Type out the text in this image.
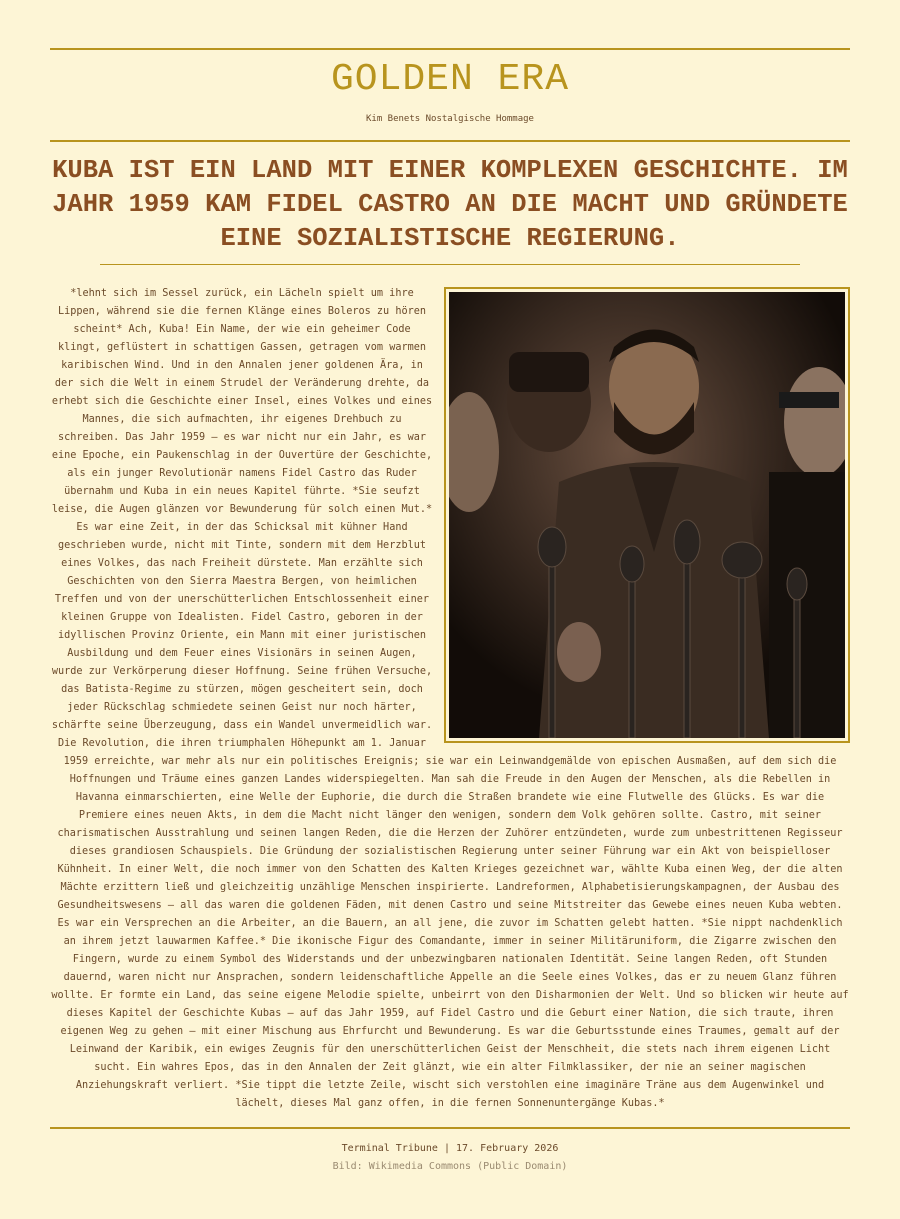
GOLDEN ERA
Kim Benets Nostalgische Hommage
KUBA IST EIN LAND MIT EINER KOMPLEXEN GESCHICHTE. IM JAHR 1959 KAM FIDEL CASTRO AN DIE MACHT UND GRÜNDETE EINE SOZIALISTISCHE REGIERUNG.
*lehnt sich im Sessel zurück, ein Lächeln spielt um ihre Lippen, während sie die fernen Klänge eines Boleros zu hören scheint* Ach, Kuba! Ein Name, der wie ein geheimer Code klingt, geflüstert in schattigen Gassen, getragen vom warmen karibischen Wind. Und in den Annalen jener goldenen Ära, in der sich die Welt in einem Strudel der Veränderung drehte, da erhebt sich die Geschichte einer Insel, eines Volkes und eines Mannes, die sich aufmachten, ihr eigenes Drehbuch zu schreiben. Das Jahr 1959 – es war nicht nur ein Jahr, es war eine Epoche, ein Paukenschlag in der Ouvertüre der Geschichte, als ein junger Revolutionär namens Fidel Castro das Ruder übernahm und Kuba in ein neues Kapitel führte. *Sie seufzt leise, die Augen glänzen vor Bewunderung für solch einen Mut.* Es war eine Zeit, in der das Schicksal mit kühner Hand geschrieben wurde, nicht mit Tinte, sondern mit dem Herzblut eines Volkes, das nach Freiheit dürstete. Man erzählte sich Geschichten von den Sierra Maestra Bergen, von heimlichen Treffen und von der unerschütterlichen Entschlossenheit einer kleinen Gruppe von Idealisten. Fidel Castro, geboren in der idyllischen Provinz Oriente, ein Mann mit einer juristischen Ausbildung und dem Feuer eines Visionärs in seinen Augen, wurde zur Verkörperung dieser Hoffnung. Seine frühen Versuche, das Batista-Regime zu stürzen, mögen gescheitert sein, doch jeder Rückschlag schmiedete seinen Geist nur noch härter, schärfte seine Überzeugung, dass ein Wandel unvermeidlich war. Die Revolution, die ihren triumphalen Höhepunkt am 1. Januar 1959 erreichte, war mehr als nur ein politisches Ereignis; sie war ein Leinwandgemälde von epischen Ausmaßen, auf dem sich die Hoffnungen und Träume eines ganzen Landes widerspiegelten. Man sah die Freude in den Augen der Menschen, als die Rebellen in Havanna einmarschierten, eine Welle der Euphorie, die durch die Straßen brandete wie eine Flutwelle des Glücks. Es war die Premiere eines neuen Akts, in dem die Macht nicht länger den wenigen, sondern dem Volk gehören sollte. Castro, mit seiner charismatischen Ausstrahlung und seinen langen Reden, die die Herzen der Zuhörer entzündeten, wurde zum unbestrittenen Regisseur dieses grandiosen Schauspiels. Die Gründung der sozialistischen Regierung unter seiner Führung war ein Akt von beispielloser Kühnheit. In einer Welt, die noch immer von den Schatten des Kalten Krieges gezeichnet war, wählte Kuba einen Weg, der die alten Mächte erzittern ließ und gleichzeitig unzählige Menschen inspirierte. Landreformen, Alphabetisierungskampagnen, der Ausbau des Gesundheitswesens – all das waren die goldenen Fäden, mit denen Castro und seine Mitstreiter das Gewebe eines neuen Kuba webten. Es war ein Versprechen an die Arbeiter, an die Bauern, an all jene, die zuvor im Schatten gelebt hatten. *Sie nippt nachdenklich an ihrem jetzt lauwarmen Kaffee.* Die ikonische Figur des Comandante, immer in seiner Militäruniform, die Zigarre zwischen den Fingern, wurde zu einem Symbol des Widerstands und der unbezwingbaren nationalen Identität. Seine langen Reden, oft Stunden dauernd, waren nicht nur Ansprachen, sondern leidenschaftliche Appelle an die Seele eines Volkes, das er zu neuem Glanz führen wollte. Er formte ein Land, das seine eigene Melodie spielte, unbeirrt von den Disharmonien der Welt. Und so blicken wir heute auf dieses Kapitel der Geschichte Kubas – auf das Jahr 1959, auf Fidel Castro und die Geburt einer Nation, die sich traute, ihren eigenen Weg zu gehen – mit einer Mischung aus Ehrfurcht und Bewunderung. Es war die Geburtsstunde eines Traumes, gemalt auf der Leinwand der Karibik, ein ewiges Zeugnis für den unerschütterlichen Geist der Menschheit, die stets nach ihrem eigenen Licht sucht. Ein wahres Epos, das in den Annalen der Zeit glänzt, wie ein alter Filmklassiker, der nie an seiner magischen Anziehungskraft verliert. *Sie tippt die letzte Zeile, wischt sich verstohlen eine imaginäre Träne aus dem Augenwinkel und lächelt, dieses Mal ganz offen, in die fernen Sonnenuntergänge Kubas.*
Terminal Tribune | 17. February 2026
Bild: Wikimedia Commons (Public Domain)
